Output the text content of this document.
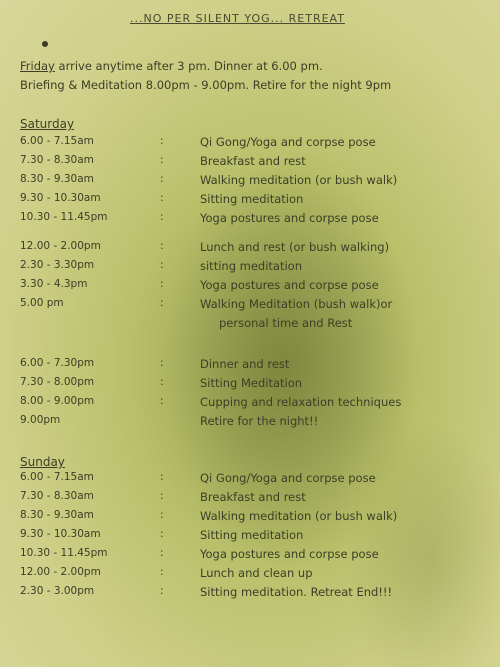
...NO PER SILENT YOG... RETREAT
Friday arrive anytime after 3 pm. Dinner at 6.00 pm.
Briefing & Meditation 8.00pm - 9.00pm. Retire for the night 9pm
Saturday
6.00 - 7.15am	:	Qi Gong/Yoga and corpse pose
7.30 - 8.30am	:	Breakfast and rest
8.30 - 9.30am	:	Walking meditation (or bush walk)
9.30 - 10.30am	:	Sitting meditation
10.30 - 11.45pm	:	Yoga postures and corpse pose
12.00 - 2.00pm	:	Lunch and rest (or bush walking)
2.30 - 3.30pm	:	sitting meditation
3.30 - 4.3pm	:	Yoga postures and corpse pose
5.00 pm	:	Walking Meditation (bush walk)or
personal time and Rest
6.00 - 7.30pm	:	Dinner and rest
7.30 - 8.00pm	:	Sitting Meditation
8.00 - 9.00pm	:	Cupping and relaxation techniques
9.00pm	Retire for the night!!
Sunday
6.00 - 7.15am	:	Qi Gong/Yoga and corpse pose
7.30 - 8.30am	:	Breakfast and rest
8.30 - 9.30am	:	Walking meditation (or bush walk)
9.30 - 10.30am	:	Sitting meditation
10.30 - 11.45pm	:	Yoga postures and corpse pose
12.00 - 2.00pm	:	Lunch and clean up
2.30 - 3.00pm	:	Sitting meditation. Retreat End!!!
